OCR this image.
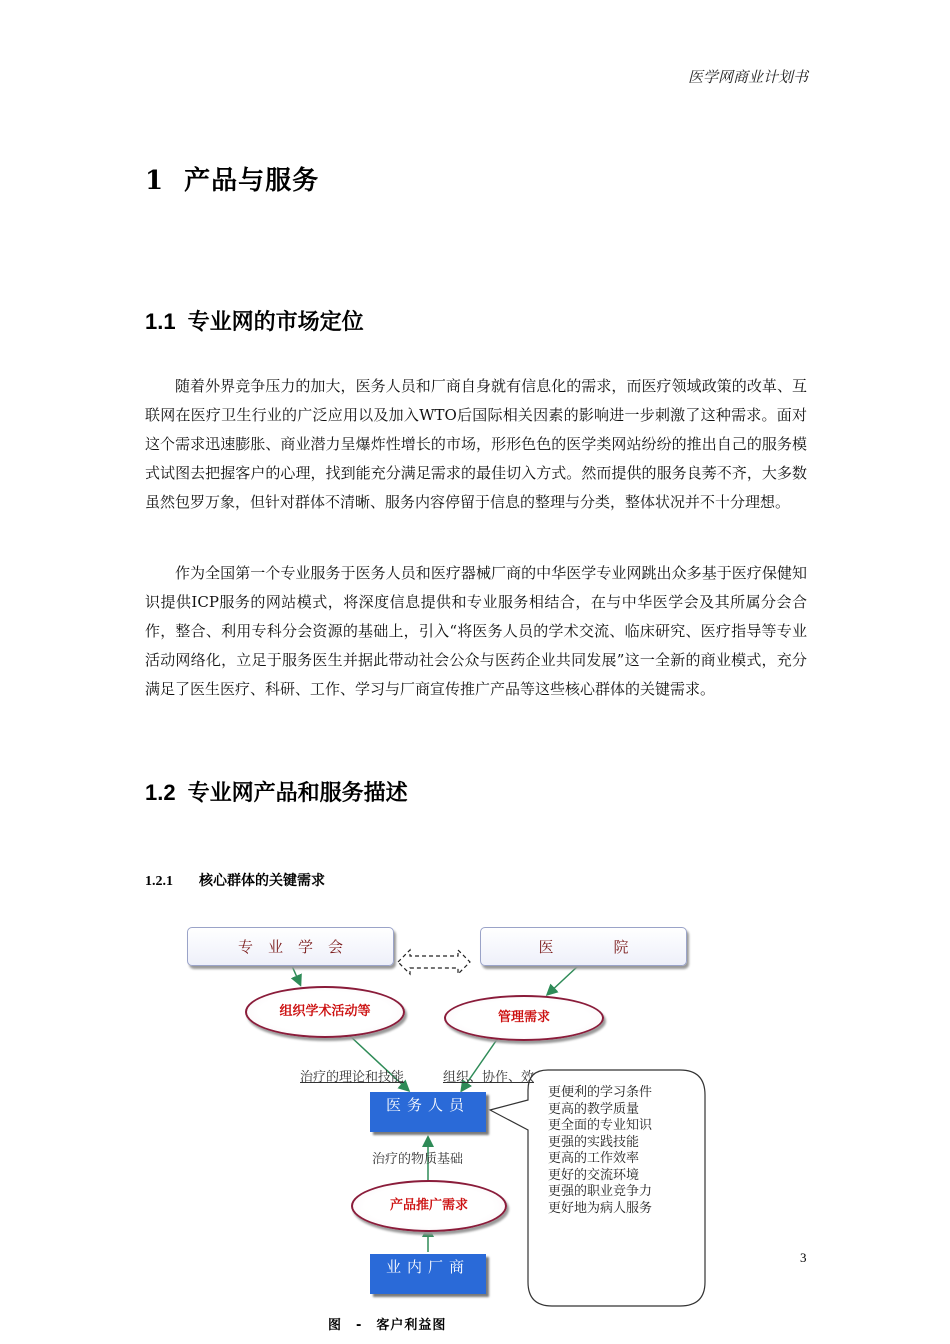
医学网商业计划书
1 产品与服务
1.1 专业网的市场定位

随着外界竞争压力的加大，医务人员和厂商自身就有信息化的需求，而医疗领域政策的改革、互联网在医疗卫生行业的广泛应用以及加入WTO后国际相关因素的影响进一步刺激了这种需求。面对这个需求迅速膨胀、商业潜力呈爆炸性增长的市场，形形色色的医学类网站纷纷的推出自己的服务模式试图去把握客户的心理，找到能充分满足需求的最佳切入方式。然而提供的服务良莠不齐，大多数虽然包罗万象，但针对群体不清晰、服务内容停留于信息的整理与分类，整体状况并不十分理想。

作为全国第一个专业服务于医务人员和医疗器械厂商的中华医学专业网跳出众多基于医疗保健知识提供ICP服务的网站模式，将深度信息提供和专业服务相结合，在与中华医学会及其所属分会合作，整合、利用专科分会资源的基础上，引入“将医务人员的学术交流、临床研究、医疗指导等专业活动网络化，立足于服务医生并据此带动社会公众与医药企业共同发展”这一全新的商业模式，充分满足了医生医疗、科研、工作、学习与厂商宣传推广产品等这些核心群体的关键需求。

1.2 专业网产品和服务描述
1.2.1 核心群体的关键需求
专　业　学　会	医　　　　院
组织学术活动等	管理需求
治疗的理论和技能	组织、协作、效
医务人员
治疗的物质基础
产品推广需求
业内厂商
更便利的学习条件
更高的教学质量
更全面的专业知识
更强的实践技能
更高的工作效率
更好的交流环境
更强的职业竞争力
更好地为病人服务
3
图　-　客户利益图
